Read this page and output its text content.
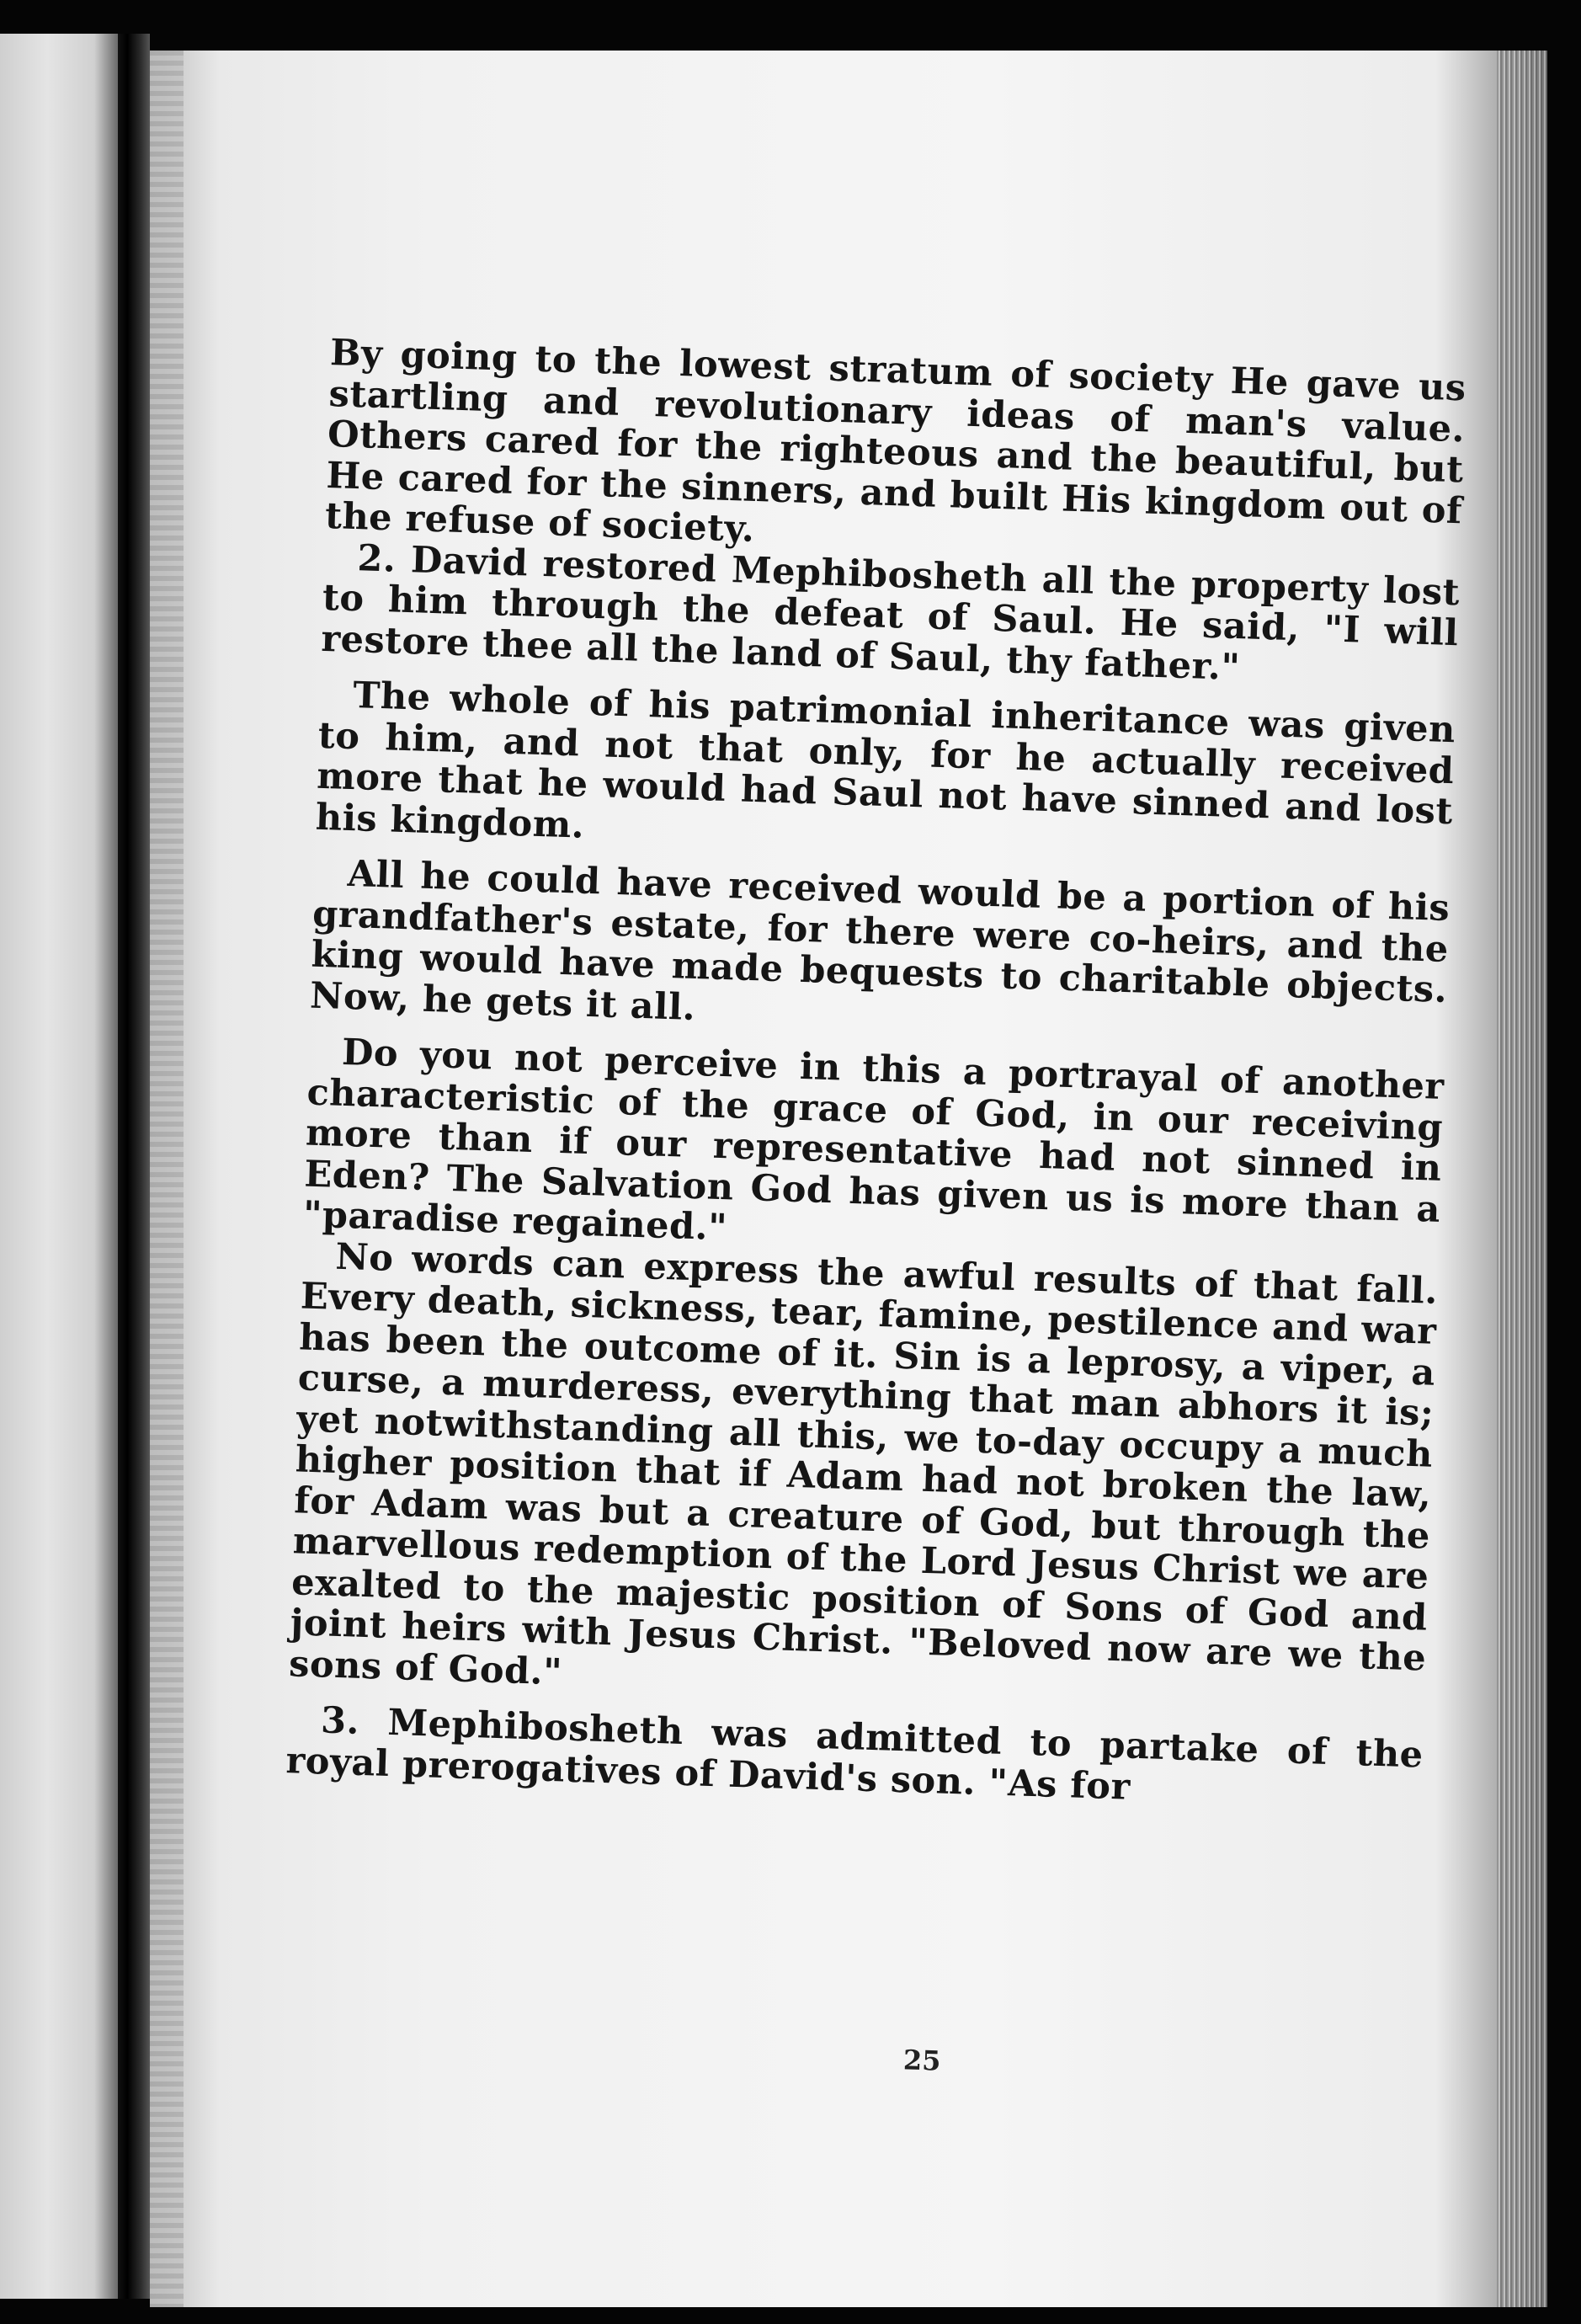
By going to the lowest stratum of society He gave us startling and revolutionary ideas of man's value. Others cared for the righteous and the beautiful, but He cared for the sinners, and built His kingdom out of the refuse of society.

2. David restored Mephibosheth all the property lost to him through the defeat of Saul. He said, "I will restore thee all the land of Saul, thy father."

The whole of his patrimonial inheritance was given to him, and not that only, for he actually received more that he would had Saul not have sinned and lost his kingdom.

All he could have received would be a portion of his grandfather's estate, for there were co-heirs, and the king would have made bequests to charitable objects. Now, he gets it all.

Do you not perceive in this a portrayal of another characteristic of the grace of God, in our receiving more than if our representative had not sinned in Eden? The Salvation God has given us is more than a "paradise regained."

No words can express the awful results of that fall. Every death, sickness, tear, famine, pestilence and war has been the outcome of it. Sin is a leprosy, a viper, a curse, a murderess, everything that man abhors it is; yet notwithstanding all this, we to-day occupy a much higher position that if Adam had not broken the law, for Adam was but a creature of God, but through the marvellous redemption of the Lord Jesus Christ we are exalted to the majestic position of Sons of God and joint heirs with Jesus Christ. "Beloved now are we the sons of God."

3. Mephibosheth was admitted to partake of the royal prerogatives of David's son. "As for

25
